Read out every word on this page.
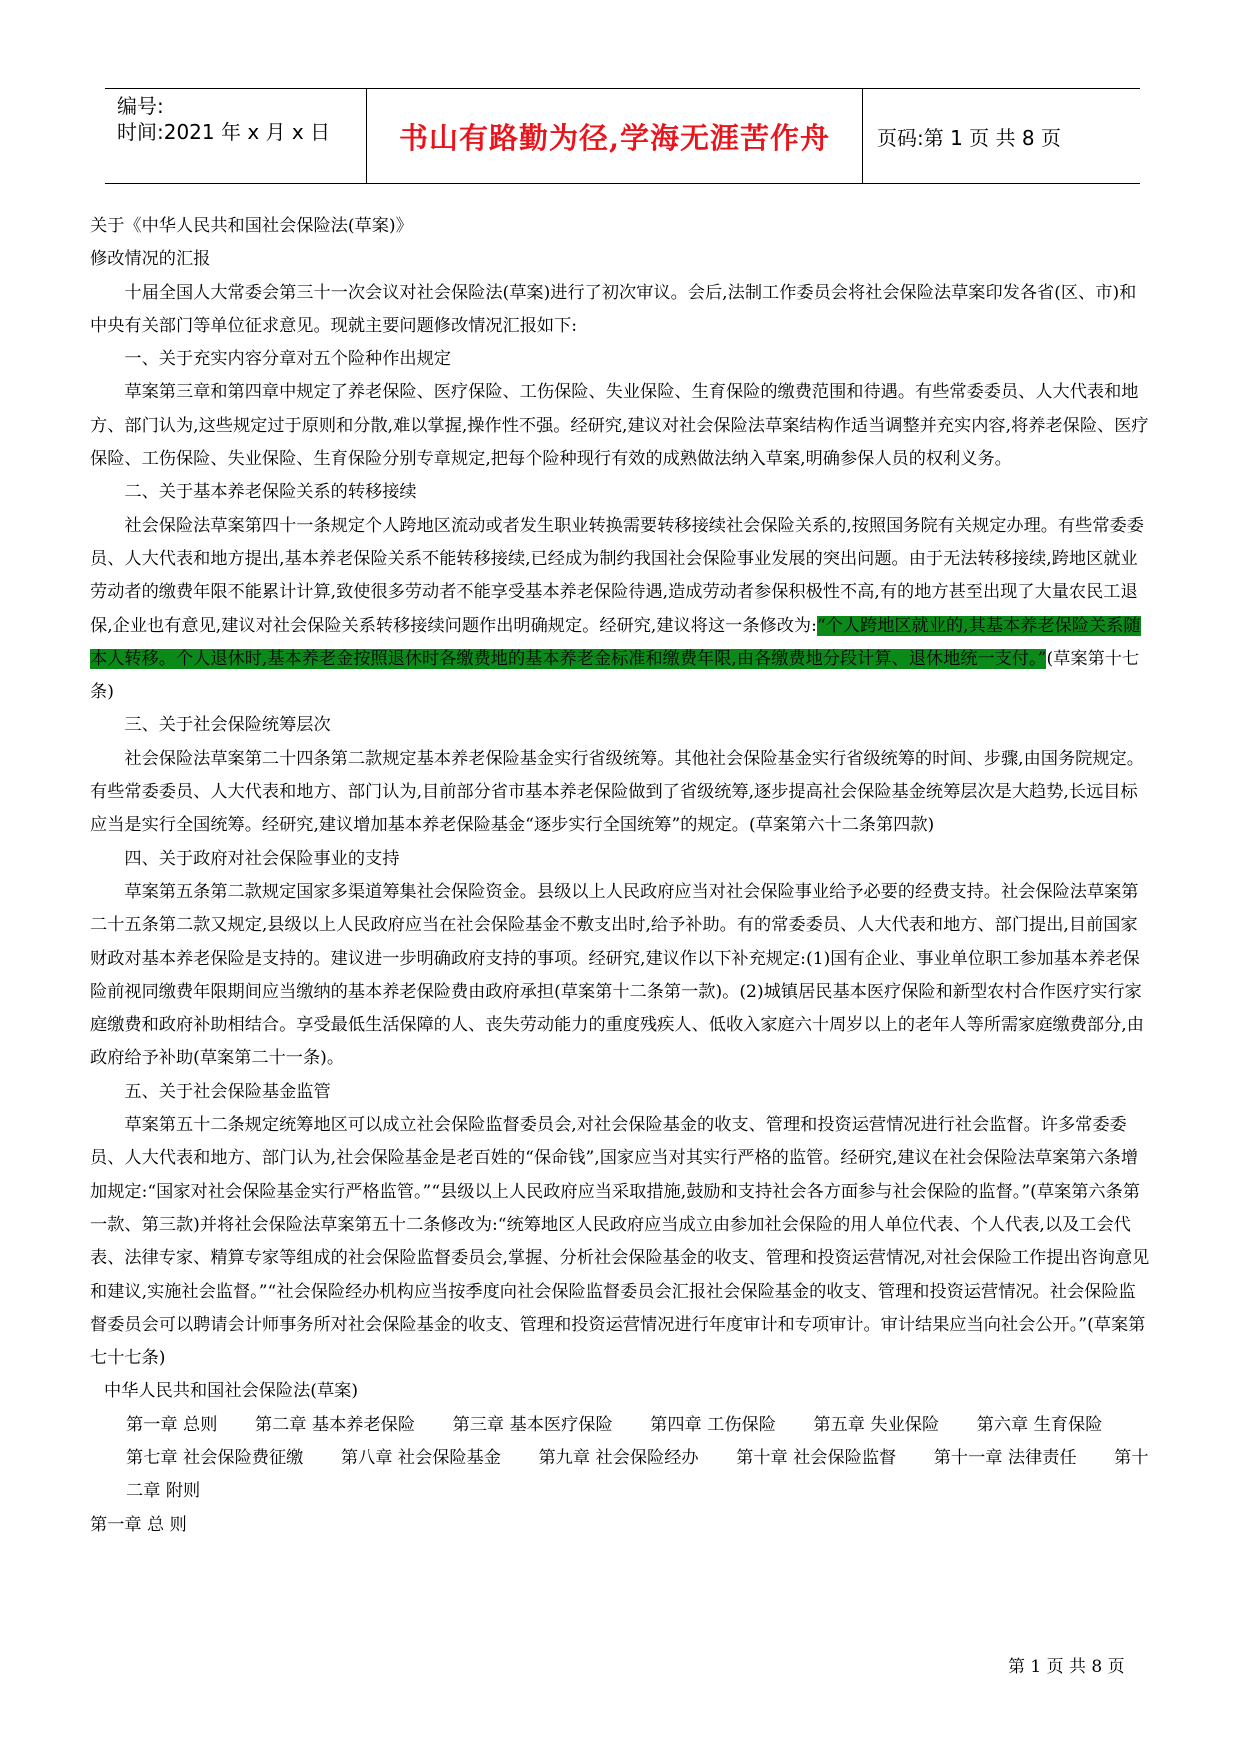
编号:
时间:2021 年 x 月 x 日	书山有路勤为径,学海无涯苦作舟 页码:第 1 页 共 8 页

关于《中华人民共和国社会保险法(草案)》

修改情况的汇报

十届全国人大常委会第三十一次会议对社会保险法(草案)进行了初次审议。会后,法制工作委员会将社会保险法草案印发各省(区、市)和中央有关部门等单位征求意见。现就主要问题修改情况汇报如下:

一、关于充实内容分章对五个险种作出规定

草案第三章和第四章中规定了养老保险、医疗保险、工伤保险、失业保险、生育保险的缴费范围和待遇。有些常委委员、人大代表和地方、部门认为,这些规定过于原则和分散,难以掌握,操作性不强。经研究,建议对社会保险法草案结构作适当调整并充实内容,将养老保险、医疗保险、工伤保险、失业保险、生育保险分别专章规定,把每个险种现行有效的成熟做法纳入草案,明确参保人员的权利义务。

二、关于基本养老保险关系的转移接续

社会保险法草案第四十一条规定个人跨地区流动或者发生职业转换需要转移接续社会保险关系的,按照国务院有关规定办理。有些常委委员、人大代表和地方提出,基本养老保险关系不能转移接续,已经成为制约我国社会保险事业发展的突出问题。由于无法转移接续,跨地区就业劳动者的缴费年限不能累计计算,致使很多劳动者不能享受基本养老保险待遇,造成劳动者参保积极性不高,有的地方甚至出现了大量农民工退保,企业也有意见,建议对社会保险关系转移接续问题作出明确规定。经研究,建议将这一条修改为:“个人跨地区就业的,其基本养老保险关系随本人转移。个人退休时,基本养老金按照退休时各缴费地的基本养老金标准和缴费年限,由各缴费地分段计算、退休地统一支付。”(草案第十七条)

三、关于社会保险统筹层次

社会保险法草案第二十四条第二款规定基本养老保险基金实行省级统筹。其他社会保险基金实行省级统筹的时间、步骤,由国务院规定。有些常委委员、人大代表和地方、部门认为,目前部分省市基本养老保险做到了省级统筹,逐步提高社会保险基金统筹层次是大趋势,长远目标应当是实行全国统筹。经研究,建议增加基本养老保险基金“逐步实行全国统筹”的规定。(草案第六十二条第四款)

四、关于政府对社会保险事业的支持

草案第五条第二款规定国家多渠道筹集社会保险资金。县级以上人民政府应当对社会保险事业给予必要的经费支持。社会保险法草案第二十五条第二款又规定,县级以上人民政府应当在社会保险基金不敷支出时,给予补助。有的常委委员、人大代表和地方、部门提出,目前国家财政对基本养老保险是支持的。建议进一步明确政府支持的事项。经研究,建议作以下补充规定:(1)国有企业、事业单位职工参加基本养老保险前视同缴费年限期间应当缴纳的基本养老保险费由政府承担(草案第十二条第一款)。(2)城镇居民基本医疗保险和新型农村合作医疗实行家庭缴费和政府补助相结合。享受最低生活保障的人、丧失劳动能力的重度残疾人、低收入家庭六十周岁以上的老年人等所需家庭缴费部分,由政府给予补助(草案第二十一条)。

五、关于社会保险基金监管

草案第五十二条规定统筹地区可以成立社会保险监督委员会,对社会保险基金的收支、管理和投资运营情况进行社会监督。许多常委委员、人大代表和地方、部门认为,社会保险基金是老百姓的“保命钱”,国家应当对其实行严格的监管。经研究,建议在社会保险法草案第六条增加规定:“国家对社会保险基金实行严格监管。”“县级以上人民政府应当采取措施,鼓励和支持社会各方面参与社会保险的监督。”(草案第六条第一款、第三款)并将社会保险法草案第五十二条修改为:“统筹地区人民政府应当成立由参加社会保险的用人单位代表、个人代表,以及工会代表、法律专家、精算专家等组成的社会保险监督委员会,掌握、分析社会保险基金的收支、管理和投资运营情况,对社会保险工作提出咨询意见和建议,实施社会监督。”“社会保险经办机构应当按季度向社会保险监督委员会汇报社会保险基金的收支、管理和投资运营情况。社会保险监督委员会可以聘请会计师事务所对社会保险基金的收支、管理和投资运营情况进行年度审计和专项审计。审计结果应当向社会公开。”(草案第七十七条)

中华人民共和国社会保险法(草案)

第一章 总则 第二章 基本养老保险 第三章 基本医疗保险 第四章 工伤保险 第五章 失业保险 第六章 生育保险 第七章 社会保险费征缴 第八章 社会保险基金 第九章 社会保险经办 第十章 社会保险监督 第十一章 法律责任 第十二章 附则

第一章 总 则

第 1 页 共 8 页
